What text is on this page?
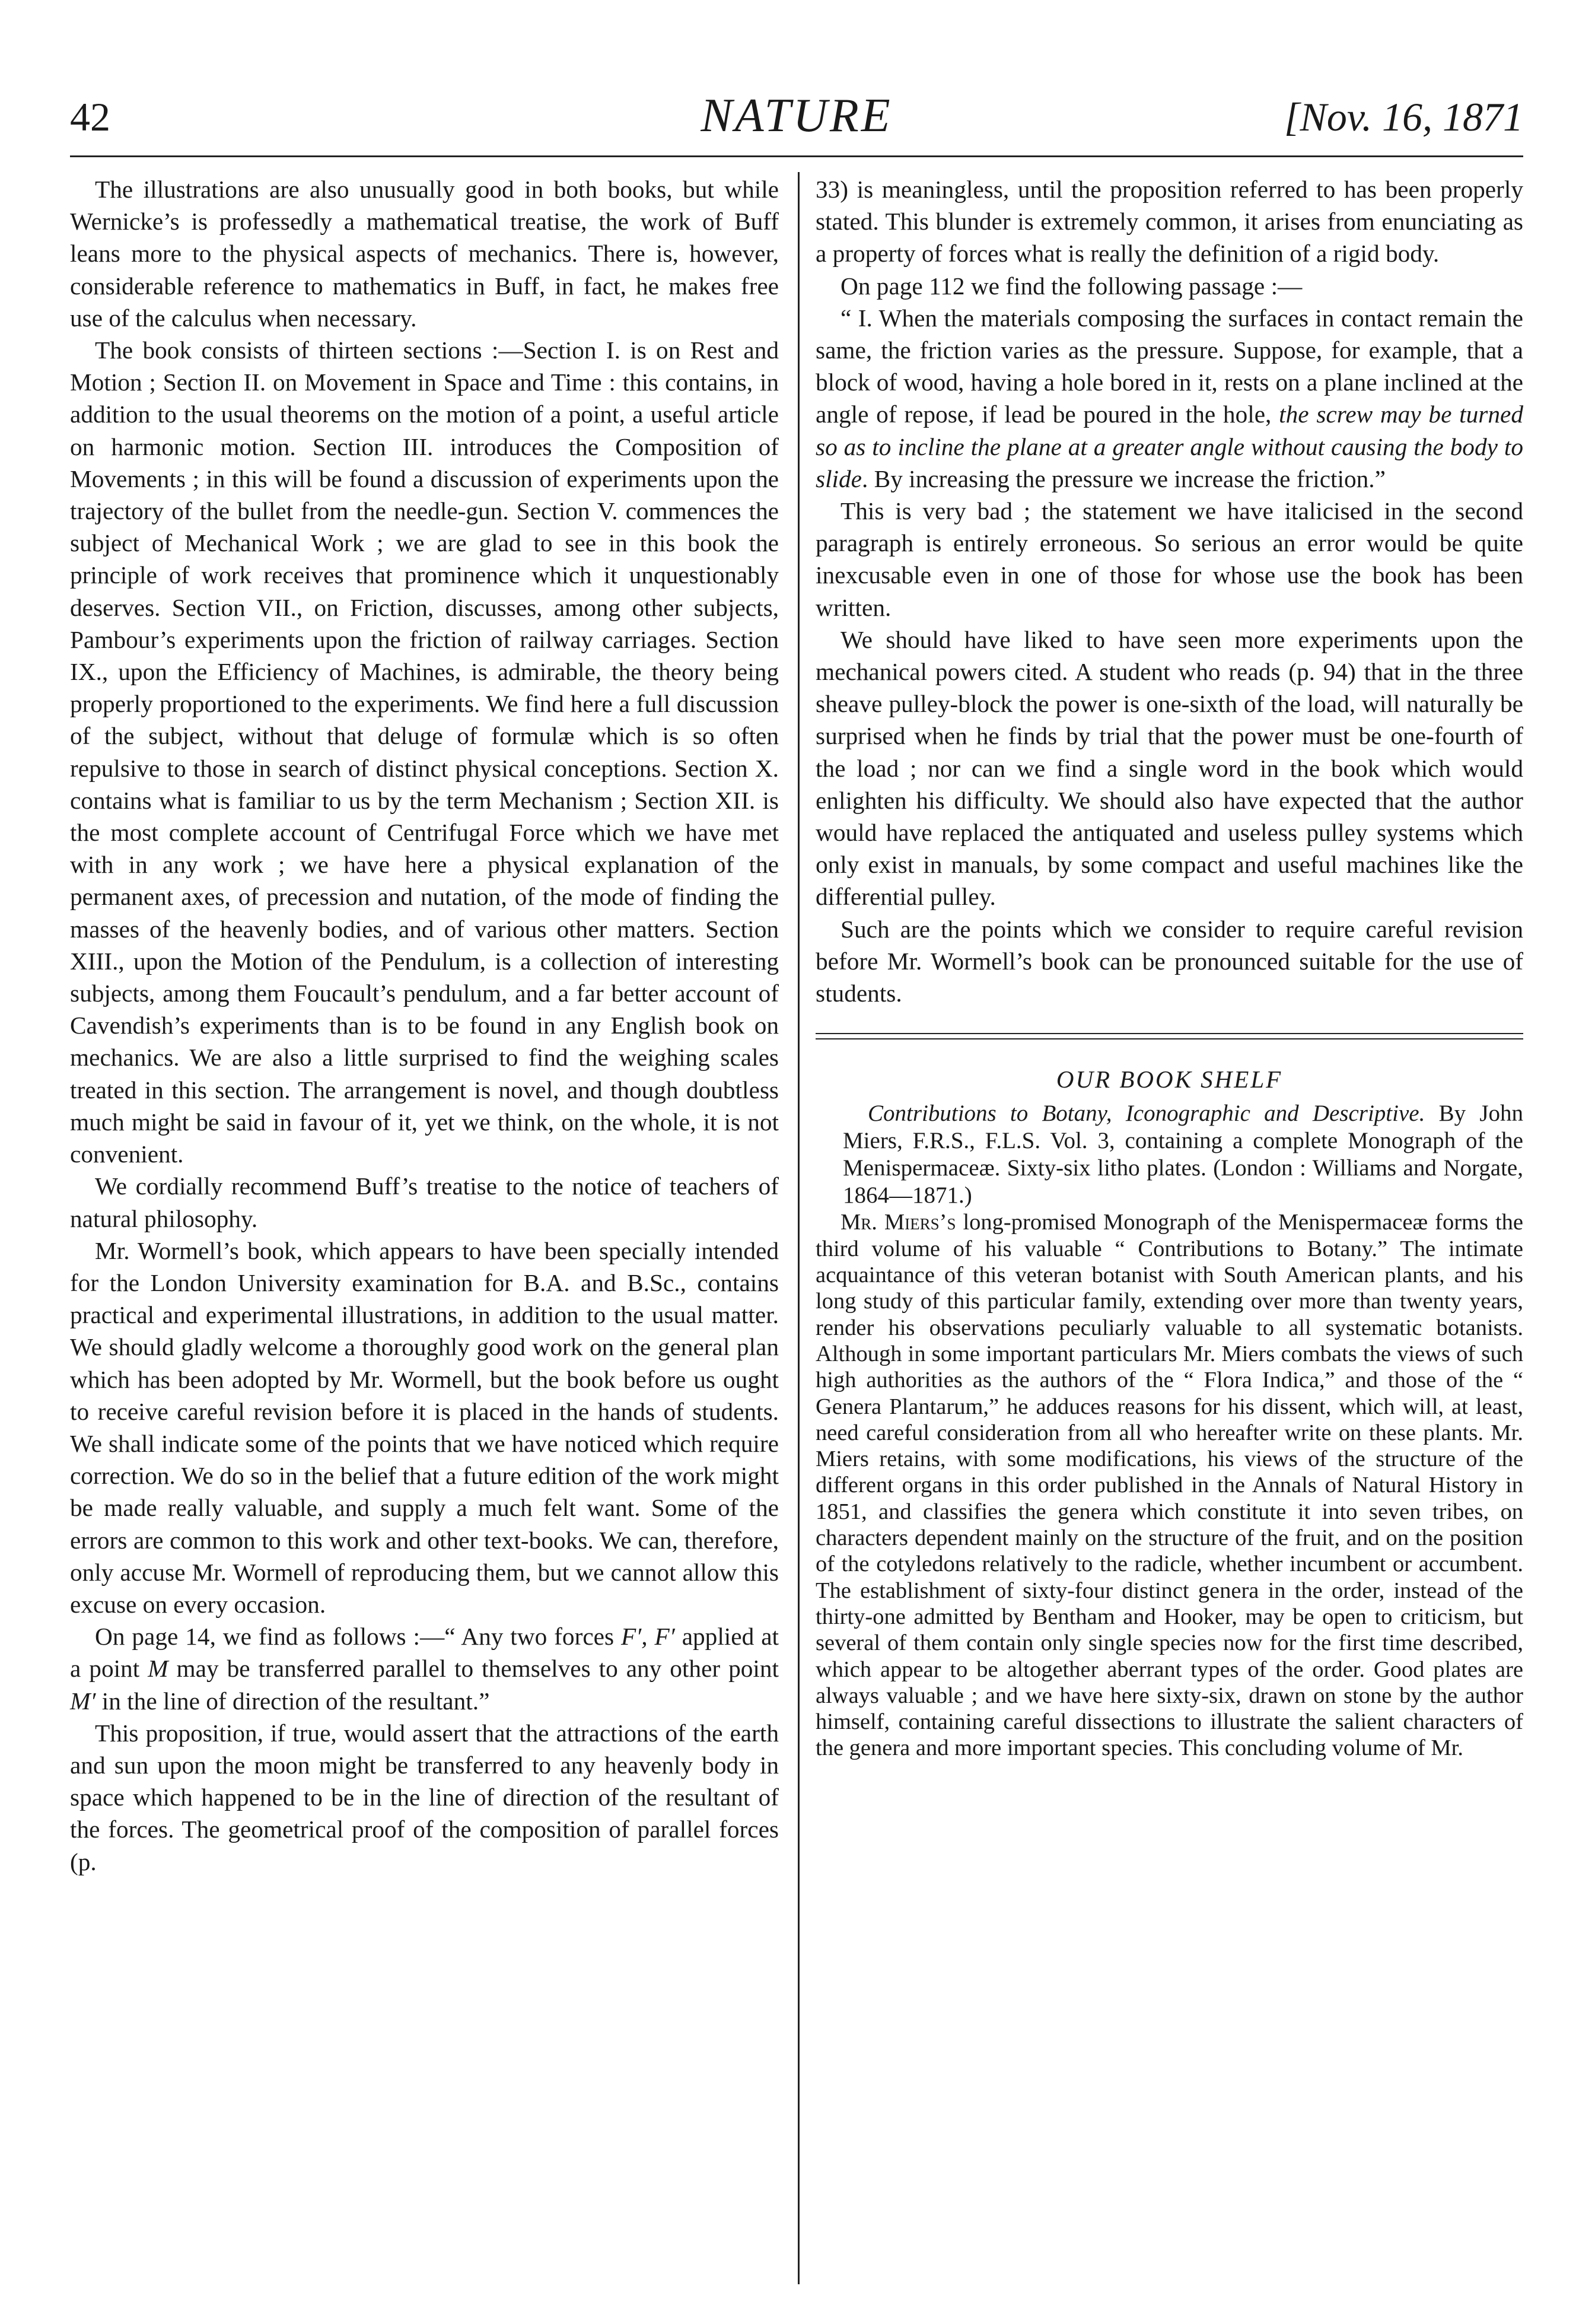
42	NATURE	[Nov. 16, 1871

The illustrations are also unusually good in both books, but while Wernicke’s is professedly a mathematical treatise, the work of Buff leans more to the physical aspects of mechanics. There is, however, considerable reference to mathematics in Buff, in fact, he makes free use of the calculus when necessary.

The book consists of thirteen sections :—Section I. is on Rest and Motion ; Section II. on Movement in Space and Time : this contains, in addition to the usual theorems on the motion of a point, a useful article on harmonic motion. Section III. introduces the Composition of Movements ; in this will be found a discussion of experiments upon the trajectory of the bullet from the needle-gun. Section V. commences the subject of Mechanical Work ; we are glad to see in this book the principle of work receives that prominence which it unquestionably deserves. Section VII., on Friction, discusses, among other subjects, Pambour’s experiments upon the friction of railway carriages. Section IX., upon the Efficiency of Machines, is admirable, the theory being properly proportioned to the experiments. We find here a full discussion of the subject, without that deluge of formulæ which is so often repulsive to those in search of distinct physical conceptions. Section X. contains what is familiar to us by the term Mechanism ; Section XII. is the most complete account of Centrifugal Force which we have met with in any work ; we have here a physical explanation of the permanent axes, of precession and nutation, of the mode of finding the masses of the heavenly bodies, and of various other matters. Section XIII., upon the Motion of the Pendulum, is a collection of interesting subjects, among them Foucault’s pendulum, and a far better account of Cavendish’s experiments than is to be found in any English book on mechanics. We are also a little surprised to find the weighing scales treated in this section. The arrangement is novel, and though doubtless much might be said in favour of it, yet we think, on the whole, it is not convenient.

We cordially recommend Buff’s treatise to the notice of teachers of natural philosophy.

Mr. Wormell’s book, which appears to have been specially intended for the London University examination for B.A. and B.Sc., contains practical and experimental illustrations, in addition to the usual matter. We should gladly welcome a thoroughly good work on the general plan which has been adopted by Mr. Wormell, but the book before us ought to receive careful revision before it is placed in the hands of students. We shall indicate some of the points that we have noticed which require correction. We do so in the belief that a future edition of the work might be made really valuable, and supply a much felt want. Some of the errors are common to this work and other text-books. We can, therefore, only accuse Mr. Wormell of reproducing them, but we cannot allow this excuse on every occasion.

On page 14, we find as follows :—“ Any two forces F′, F′ applied at a point M may be transferred parallel to themselves to any other point M′ in the line of direction of the resultant.”

This proposition, if true, would assert that the attractions of the earth and sun upon the moon might be transferred to any heavenly body in space which happened to be in the line of direction of the resultant of the forces. The geometrical proof of the composition of parallel forces (p.

33) is meaningless, until the proposition referred to has been properly stated. This blunder is extremely common, it arises from enunciating as a property of forces what is really the definition of a rigid body.

On page 112 we find the following passage :—

“ I. When the materials composing the surfaces in contact remain the same, the friction varies as the pressure. Suppose, for example, that a block of wood, having a hole bored in it, rests on a plane inclined at the angle of repose, if lead be poured in the hole, the screw may be turned so as to incline the plane at a greater angle without causing the body to slide. By increasing the pressure we increase the friction.”

This is very bad ; the statement we have italicised in the second paragraph is entirely erroneous. So serious an error would be quite inexcusable even in one of those for whose use the book has been written.

We should have liked to have seen more experiments upon the mechanical powers cited. A student who reads (p. 94) that in the three sheave pulley-block the power is one-sixth of the load, will naturally be surprised when he finds by trial that the power must be one-fourth of the load ; nor can we find a single word in the book which would enlighten his difficulty. We should also have expected that the author would have replaced the antiquated and useless pulley systems which only exist in manuals, by some compact and useful machines like the differential pulley.

Such are the points which we consider to require careful revision before Mr. Wormell’s book can be pronounced suitable for the use of students.

OUR BOOK SHELF

Contributions to Botany, Iconographic and Descriptive. By John Miers, F.R.S., F.L.S. Vol. 3, containing a complete Monograph of the Menispermaceæ. Sixty-six litho plates. (London : Williams and Norgate, 1864—1871.)

Mr. Miers’s long-promised Monograph of the Menispermaceæ forms the third volume of his valuable “ Contributions to Botany.” The intimate acquaintance of this veteran botanist with South American plants, and his long study of this particular family, extending over more than twenty years, render his observations peculiarly valuable to all systematic botanists. Although in some important particulars Mr. Miers combats the views of such high authorities as the authors of the “ Flora Indica,” and those of the “ Genera Plantarum,” he adduces reasons for his dissent, which will, at least, need careful consideration from all who hereafter write on these plants. Mr. Miers retains, with some modifications, his views of the structure of the different organs in this order published in the Annals of Natural History in 1851, and classifies the genera which constitute it into seven tribes, on characters dependent mainly on the structure of the fruit, and on the position of the cotyledons relatively to the radicle, whether incumbent or accumbent. The establishment of sixty-four distinct genera in the order, instead of the thirty-one admitted by Bentham and Hooker, may be open to criticism, but several of them contain only single species now for the first time described, which appear to be altogether aberrant types of the order. Good plates are always valuable ; and we have here sixty-six, drawn on stone by the author himself, containing careful dissections to illustrate the salient characters of the genera and more important species. This concluding volume of Mr.
